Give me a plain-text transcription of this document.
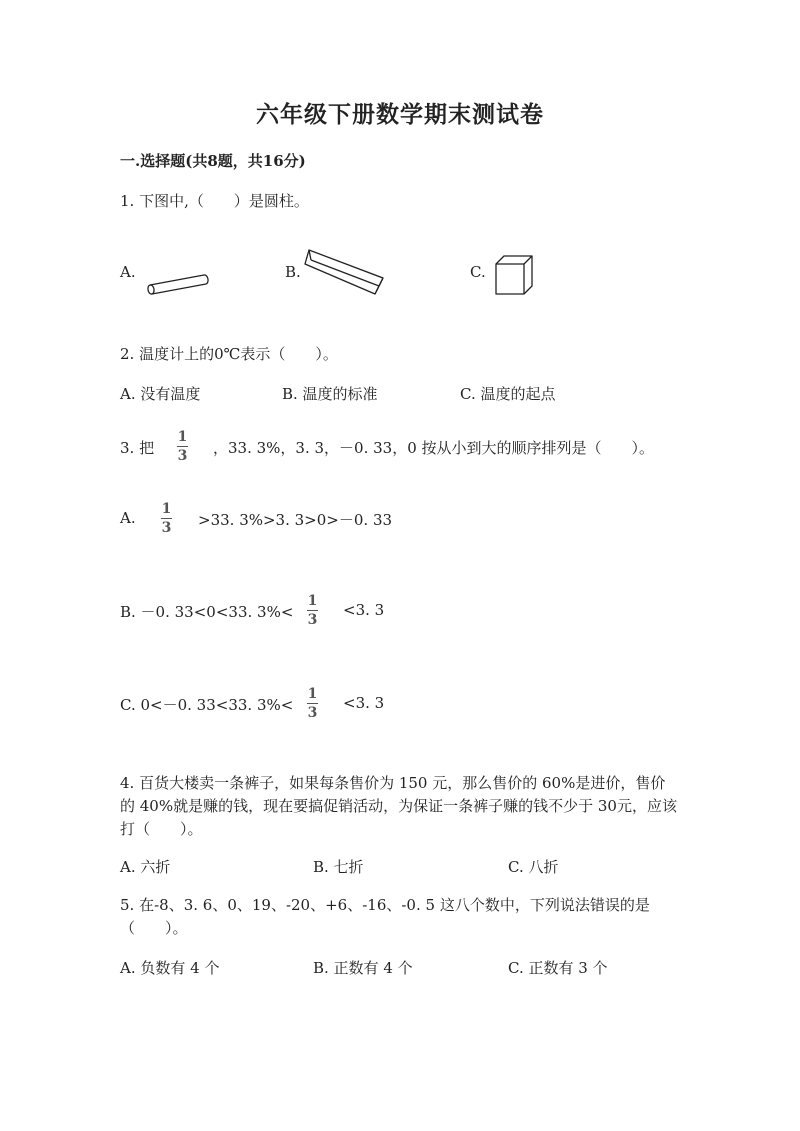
六年级下册数学期末测试卷
一.选择题(共8题，共16分)
1. 下图中,（　　）是圆柱。
A.	B.	C.
2. 温度计上的0℃表示（　　）。
A. 没有温度	B. 温度的标准	C. 温度的起点
3. 把
1
3 ，33. 3%，3. 3，－0. 33，0 按从小到大的顺序排列是（　　）。
A. 1
3 >33. 3%>3. 3>0>－0. 33
B. －0. 33<0<33. 3%<
1
3
<3. 3
C. 0<－0. 33<33. 3%<
1
3
<3. 3
4. 百货大楼卖一条裤子，如果每条售价为 150 元，那么售价的 60%是进价，售价的 40%就是赚的钱，现在要搞促销活动，为保证一条裤子赚的钱不少于 30元，应该打（　　）。
A. 六折	B. 七折	C. 八折
5. 在-8、3. 6、0、19、-20、+6、-16、-0. 5 这八个数中，下列说法错误的是（　　）。
A. 负数有 4 个	B. 正数有 4 个	C. 正数有 3 个
